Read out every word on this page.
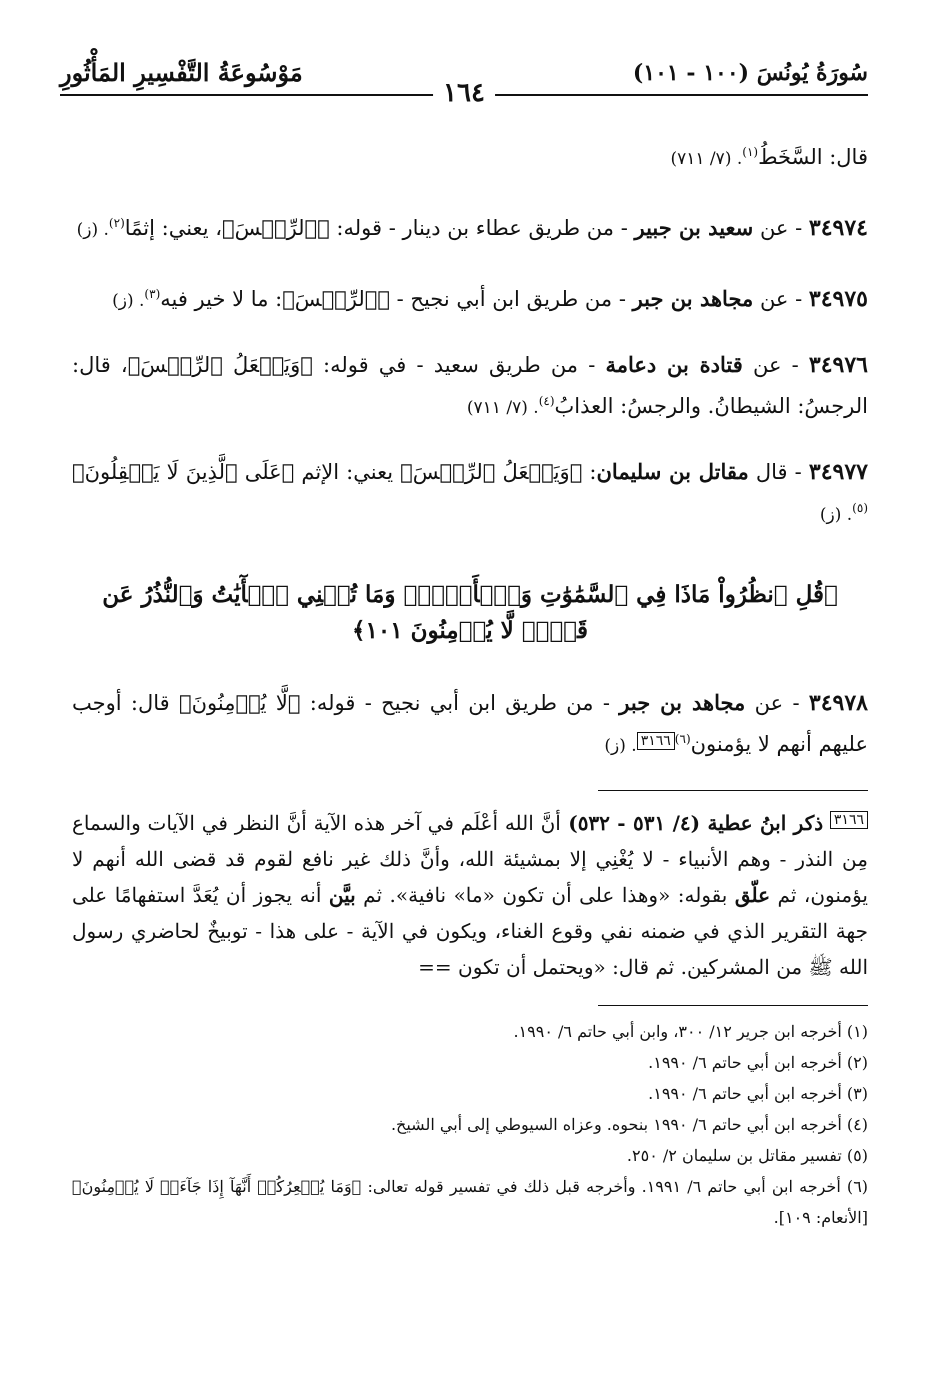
سُورَةُ يُونُسَ (١٠٠ - ١٠١)
١٦٤
مَوْسُوعَةُ التَّفْسِيرِ المَأْثُورِ

قال: السَّخَطُ$^{(١)}$. (٧/ ٧١١)

٣٤٩٧٤ - عن سعيد بن جبير - من طريق عطاء بن دينار - قوله: ﴿ٱلرِّجۡسَ﴾، يعني: إثمًا$^{(٢)}$. (ز)

٣٤٩٧٥ - عن مجاهد بن جبر - من طريق ابن أبي نجيح - ﴿ٱلرِّجۡسَ﴾: ما لا خير فيه$^{(٣)}$. (ز)

٣٤٩٧٦ - عن قتادة بن دعامة - من طريق سعيد - في قوله: ﴿وَيَجۡعَلُ ٱلرِّجۡسَ﴾، قال: الرجسُ: الشيطانُ. والرجسُ: العذابُ$^{(٤)}$. (٧/ ٧١١)

٣٤٩٧٧ - قال مقاتل بن سليمان: ﴿وَيَجۡعَلُ ٱلرِّجۡسَ﴾ يعني: الإثم ﴿عَلَى ٱلَّذِينَ لَا يَعۡقِلُونَ﴾$^{(٥)}$. (ز)

﴿قُلِ ٱنظُرُواْ مَاذَا فِي ٱلسَّمَٰوَٰتِ وَٱلۡأَرۡضِۚ وَمَا تُغۡنِي ٱلۡأٓيَٰتُ وَٱلنُّذُرُ عَن قَوۡمٖ لَّا يُؤۡمِنُونَ ١٠١﴾

٣٤٩٧٨ - عن مجاهد بن جبر - من طريق ابن أبي نجيح - قوله: ﴿لَّا يُؤۡمِنُونَ﴾ قال: أوجب عليهم أنهم لا يؤمنون$^{(٦)}$٣١٦٦. (ز)

٣١٦٦ ذكر ابنُ عطية (٤/ ٥٣١ - ٥٣٢) أنَّ الله أعْلَم في آخر هذه الآية أنَّ النظر في الآيات والسماع مِن النذر - وهم الأنبياء - لا يُغْنِي إلا بمشيئة الله، وأنَّ ذلك غير نافع لقوم قد قضى الله أنهم لا يؤمنون، ثم علّق بقوله: «وهذا على أن تكون «ما» نافية». ثم بيَّن أنه يجوز أن يُعَدَّ استفهامًا على جهة التقرير الذي في ضمنه نفي وقوع الغناء، ويكون في الآية - على هذا - توبيخٌ لحاضري رسول الله ﷺ من المشركين. ثم قال: «ويحتمل أن تكون ==

(١) أخرجه ابن جرير ١٢/ ٣٠٠، وابن أبي حاتم ٦/ ١٩٩٠.
(٢) أخرجه ابن أبي حاتم ٦/ ١٩٩٠.
(٣) أخرجه ابن أبي حاتم ٦/ ١٩٩٠.
(٤) أخرجه ابن أبي حاتم ٦/ ١٩٩٠ بنحوه. وعزاه السيوطي إلى أبي الشيخ.
(٥) تفسير مقاتل بن سليمان ٢/ ٢٥٠.
(٦) أخرجه ابن أبي حاتم ٦/ ١٩٩١. وأخرجه قبل ذلك في تفسير قوله تعالى: ﴿وَمَا يُشۡعِرُكُمۡ أَنَّهَآ إِذَا جَآءَتۡ لَا يُؤۡمِنُونَ﴾ [الأنعام: ١٠٩].
